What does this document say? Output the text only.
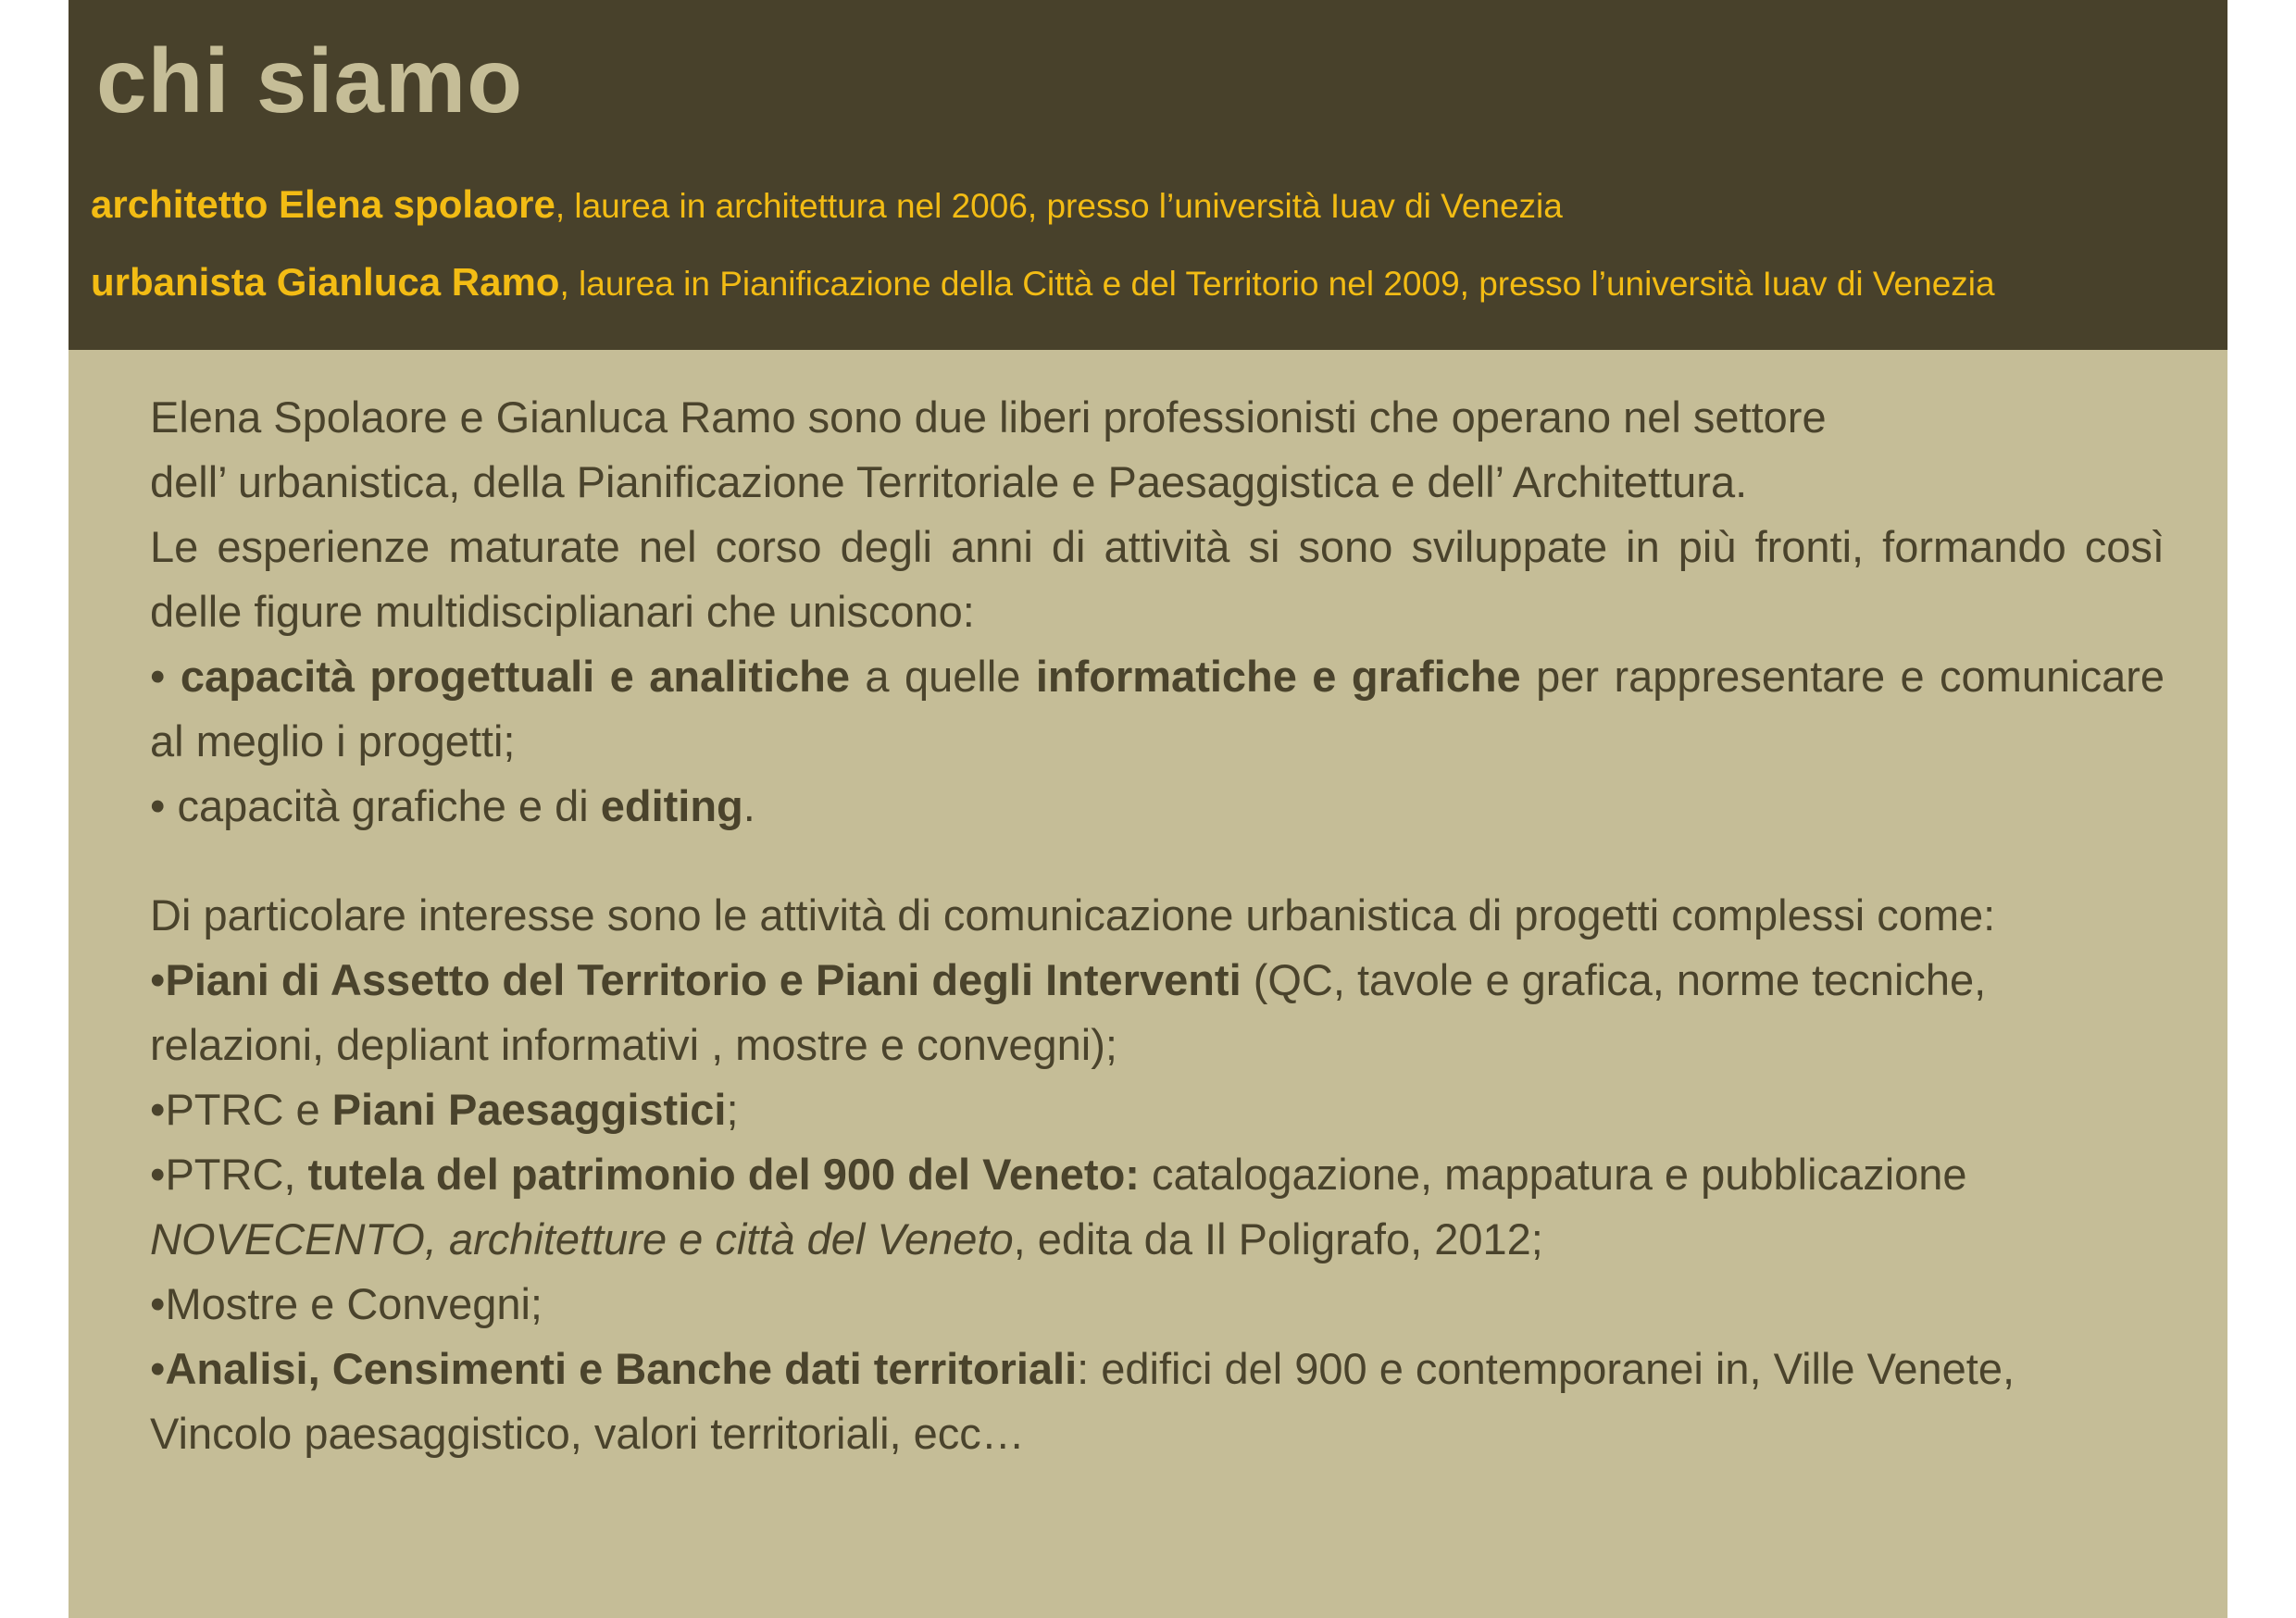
chi siamo

architetto Elena spolaore, laurea in architettura nel 2006, presso l’università Iuav di Venezia

urbanista Gianluca Ramo, laurea in Pianificazione della Città e del Territorio nel 2009, presso l’università Iuav di Venezia

Elena Spolaore e Gianluca Ramo sono due liberi professionisti che operano nel settore

dell’ urbanistica, della Pianificazione Territoriale e Paesaggistica e dell’ Architettura.

Le esperienze maturate nel corso degli anni di attività si sono sviluppate in più fronti, formando così delle figure multidisciplianari che uniscono:

• capacità progettuali e analitiche a quelle informatiche e grafiche per rappresentare e comunicare al meglio i progetti;

• capacità grafiche e di editing.

Di particolare interesse sono le attività di comunicazione urbanistica di progetti complessi come:

•Piani di Assetto del Territorio e Piani degli Interventi (QC, tavole e grafica, norme tecniche, relazioni, depliant informativi , mostre e convegni);

•PTRC e Piani Paesaggistici;

•PTRC, tutela del patrimonio del 900 del Veneto: catalogazione, mappatura e pubblicazione NOVECENTO, architetture e città del Veneto, edita da Il Poligrafo, 2012;

•Mostre e Convegni;

•Analisi, Censimenti e Banche dati territoriali: edifici del 900 e contemporanei in, Ville Venete, Vincolo paesaggistico, valori territoriali, ecc…
